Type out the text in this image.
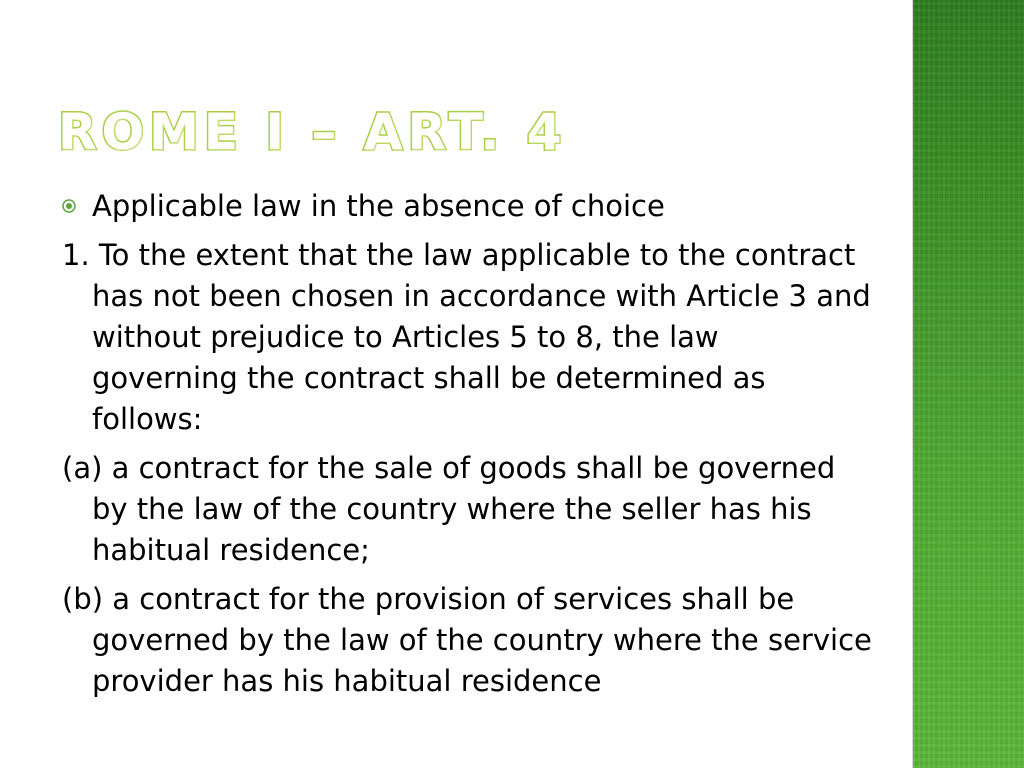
ROME I – ART. 4
Applicable law in the absence of choice
1. To the extent that the law applicable to the contract has not been chosen in accordance with Article 3 and without prejudice to Articles 5 to 8, the law governing the contract shall be determined as follows:
(a) a contract for the sale of goods shall be governed by the law of the country where the seller has his habitual residence;
(b) a contract for the provision of services shall be governed by the law of the country where the service provider has his habitual residence
